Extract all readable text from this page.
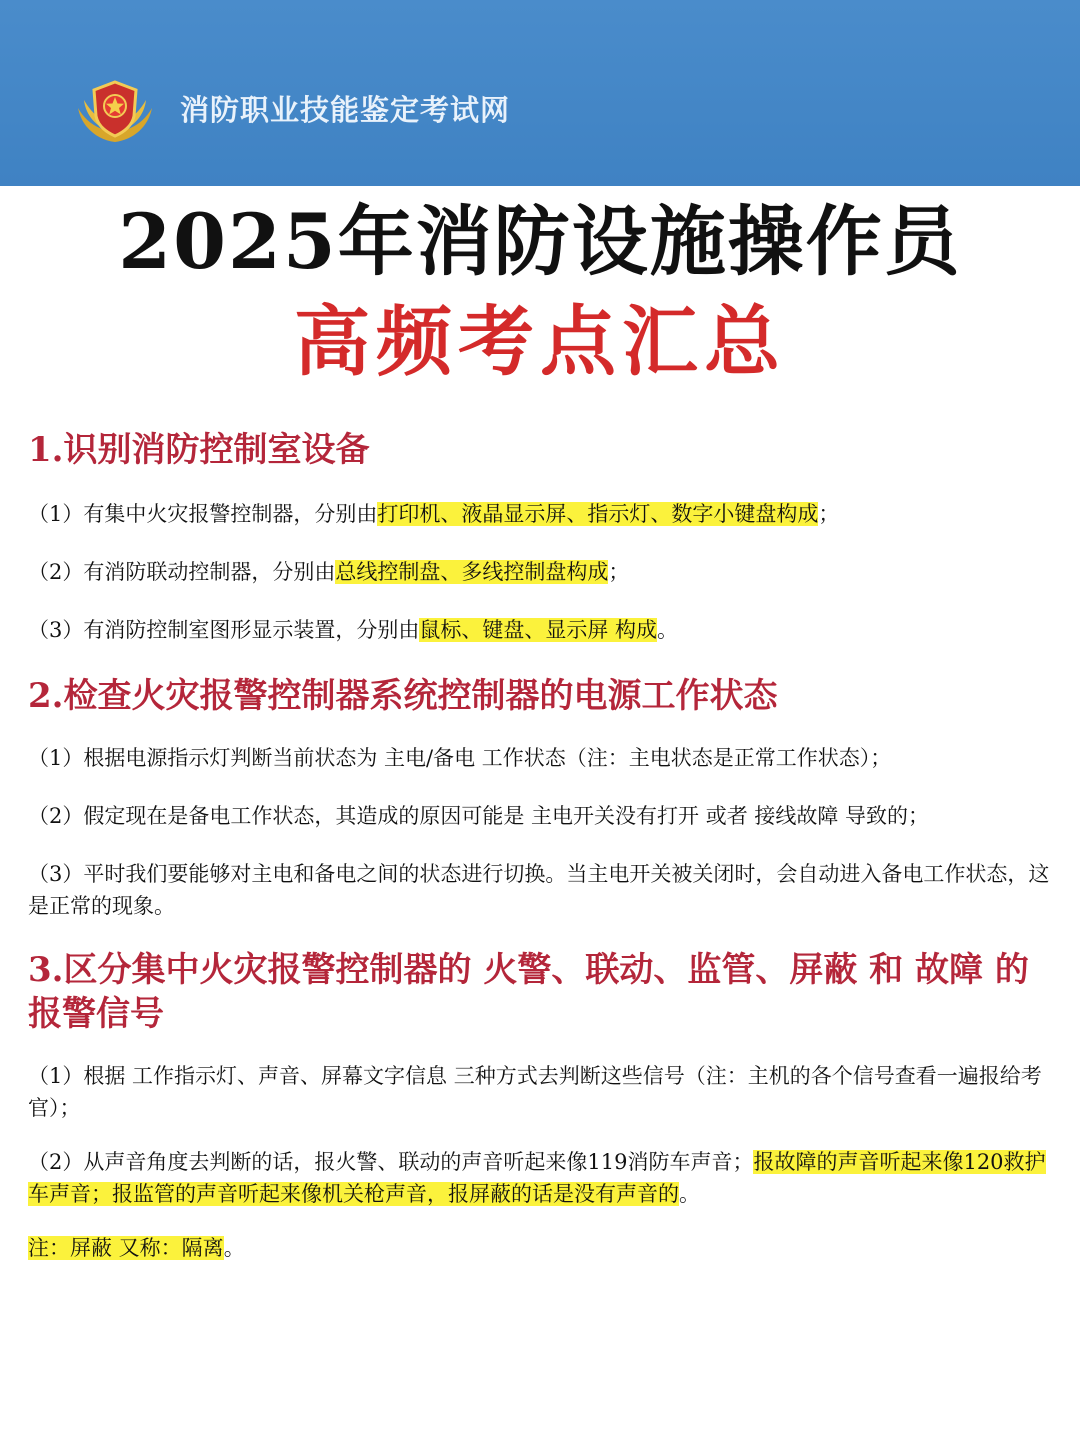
消防职业技能鉴定考试网
2025年消防设施操作员
高频考点汇总
1.识别消防控制室设备
（1）有集中火灾报警控制器，分别由打印机、液晶显示屏、指示灯、数字小键盘构成；
（2）有消防联动控制器，分别由总线控制盘、多线控制盘构成；
（3）有消防控制室图形显示装置，分别由鼠标、键盘、显示屏 构成。
2.检查火灾报警控制器系统控制器的电源工作状态
（1）根据电源指示灯判断当前状态为 主电/备电 工作状态（注：主电状态是正常工作状态）；
（2）假定现在是备电工作状态，其造成的原因可能是 主电开关没有打开 或者 接线故障 导致的；
（3）平时我们要能够对主电和备电之间的状态进行切换。当主电开关被关闭时，会自动进入备电工作状态，这是正常的现象。
3.区分集中火灾报警控制器的 火警、联动、监管、屏蔽 和 故障 的报警信号
（1）根据 工作指示灯、声音、屏幕文字信息 三种方式去判断这些信号（注：主机的各个信号查看一遍报给考官）；
（2）从声音角度去判断的话，报火警、联动的声音听起来像119消防车声音；报故障的声音听起来像120救护车声音；报监管的声音听起来像机关枪声音，报屏蔽的话是没有声音的。
注：屏蔽 又称：隔离。
